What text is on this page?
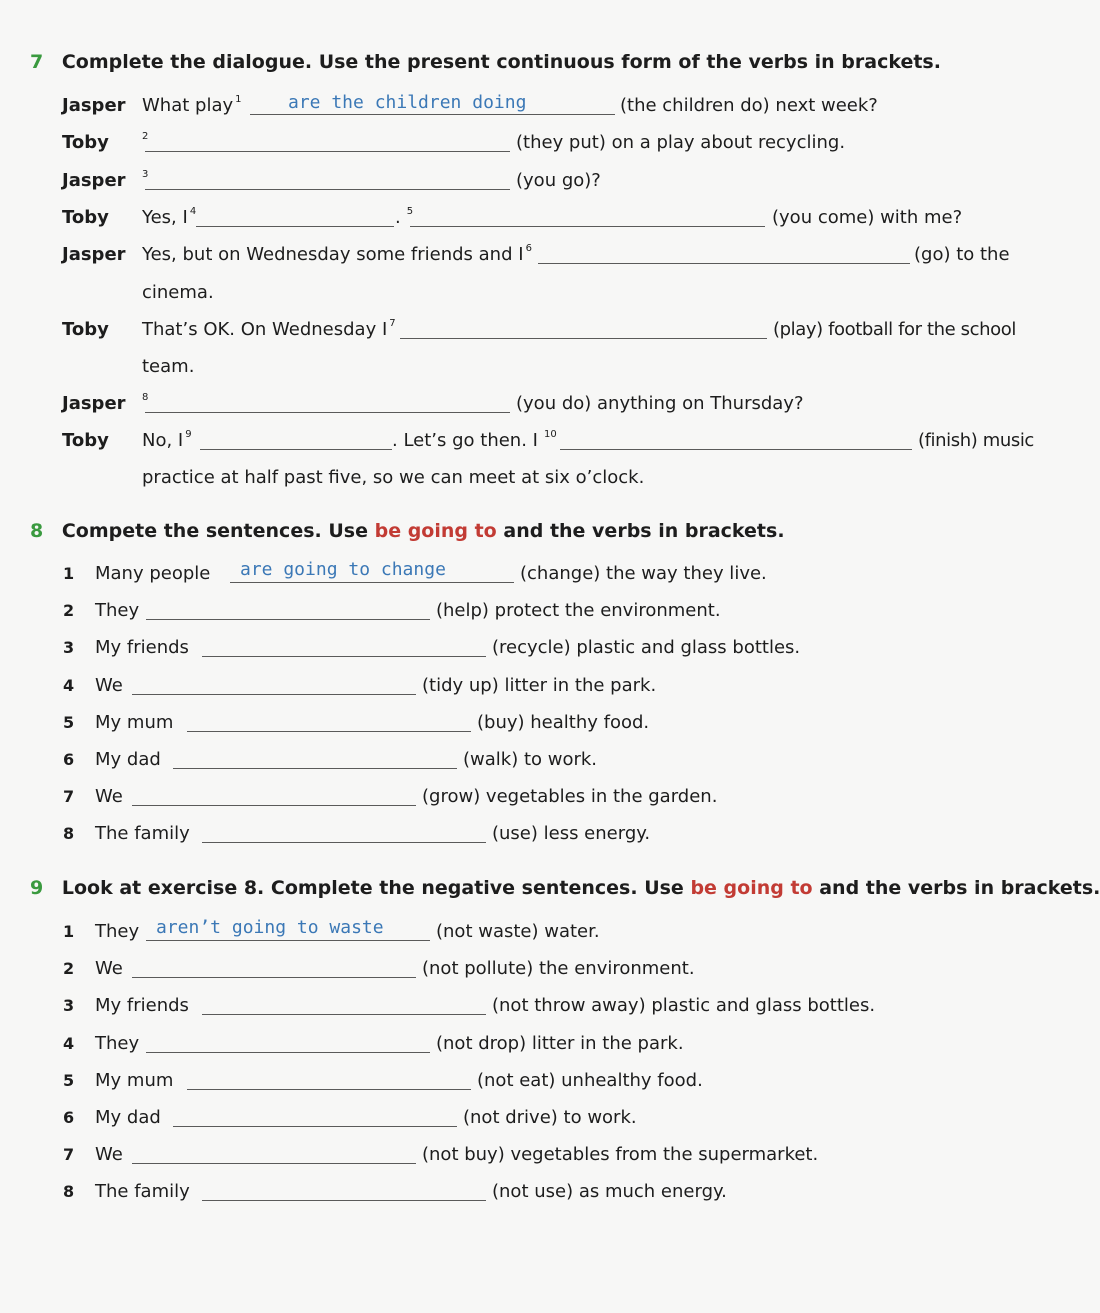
7 Complete the dialogue. Use the present continuous form of the verbs in brackets.
Jasper What play $^1$	are the children doing	(the children do) next week?
Toby	$^2$	(they put) on a play about recycling.
Jasper $^3$	(you go)?
Toby Yes, I $^4$	. $^5$	(you come) with me?
Jasper Yes, but on Wednesday some friends and I $^6$	(go) to the
cinema.
Toby That’s OK. On Wednesday I $^7$	(play) football for the school
team.
Jasper $^8$	(you do) anything on Thursday?
Toby No, I $^9$	. Let’s go then. I $^{10}$	(finish) music
practice at half past five, so we can meet at six o’clock.
8 Compete the sentences. Use be going to and the verbs in brackets.
1 Many people are going to change	(change) the way they live.
2 They	(help) protect the environment.
3 My friends	(recycle) plastic and glass bottles.
4 We	(tidy up) litter in the park.
5 My mum	(buy) healthy food.
6 My dad	(walk) to work.
7 We	(grow) vegetables in the garden.
8 The family	(use) less energy.
9 Look at exercise 8. Complete the negative sentences. Use be going to and the verbs in brackets.
1 They aren’t going to waste	(not waste) water.
2 We	(not pollute) the environment.
3 My friends	(not throw away) plastic and glass bottles.
4 They	(not drop) litter in the park.
5 My mum	(not eat) unhealthy food.
6 My dad	(not drive) to work.
7 We	(not buy) vegetables from the supermarket.
8 The family	(not use) as much energy.
